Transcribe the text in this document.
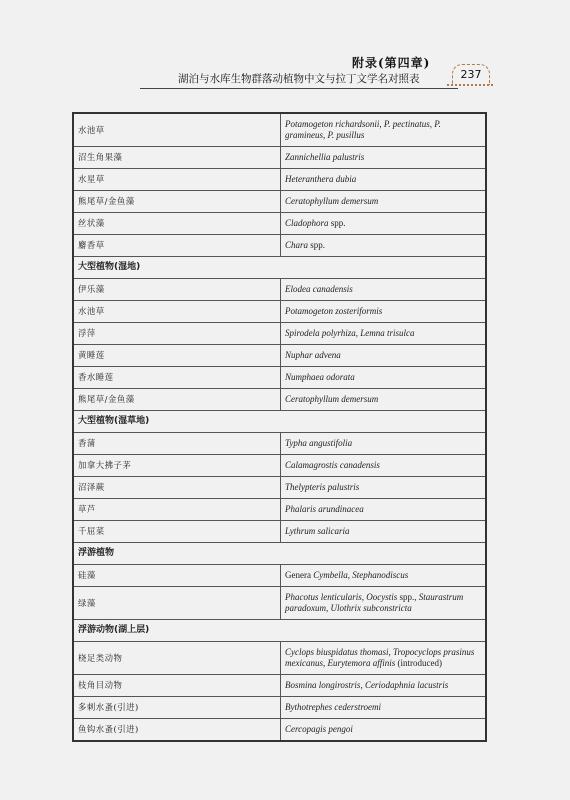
附录(第四章)
湖泊与水库生物群落动植物中文与拉丁文学名对照表	237
水池草	Potamogeton richardsonii, P. pectinatus, P. gramineus, P. pusillus
沼生角果藻	Zannichellia palustris
水星草	Heteranthera dubia
熊尾草/金鱼藻	Ceratophyllum demersum
丝状藻	Cladophora spp.
麝香草	Chara spp.
大型植物(湿地)	
伊乐藻	Elodea canadensis
水池草	Potamogeton zosteriformis
浮萍	Spirodela polyrhiza, Lemna trisulca
黄睡莲	Nuphar advena
香水睡莲	Numphaea odorata
熊尾草/金鱼藻	Ceratophyllum demersum
大型植物(湿草地)	
香蒲	Typha angustifolia
加拿大拂子茅	Calamagrostis canadensis
沼泽蕨	Thelypteris palustris
草芦	Phalaris arundinacea
千屈菜	Lythrum salicaria
浮游植物	
硅藻	Genera Cymbella, Stephanodiscus
绿藻	Phacotus lenticularis, Oocystis spp., Staurastrum paradoxum, Ulothrix subconstricta
浮游动物(湖上层)	
桡足类动物	Cyclops biuspidatus thomasi, Tropocyclops prasinus mexicanus, Eurytemora affinis (introduced)
枝角目动物	Bosmina longirostris, Ceriodaphnia lacustris
多刺水蚤(引进)	Bythotrephes cederstroemi
鱼钩水蚤(引进)	Cercopagis pengoi
